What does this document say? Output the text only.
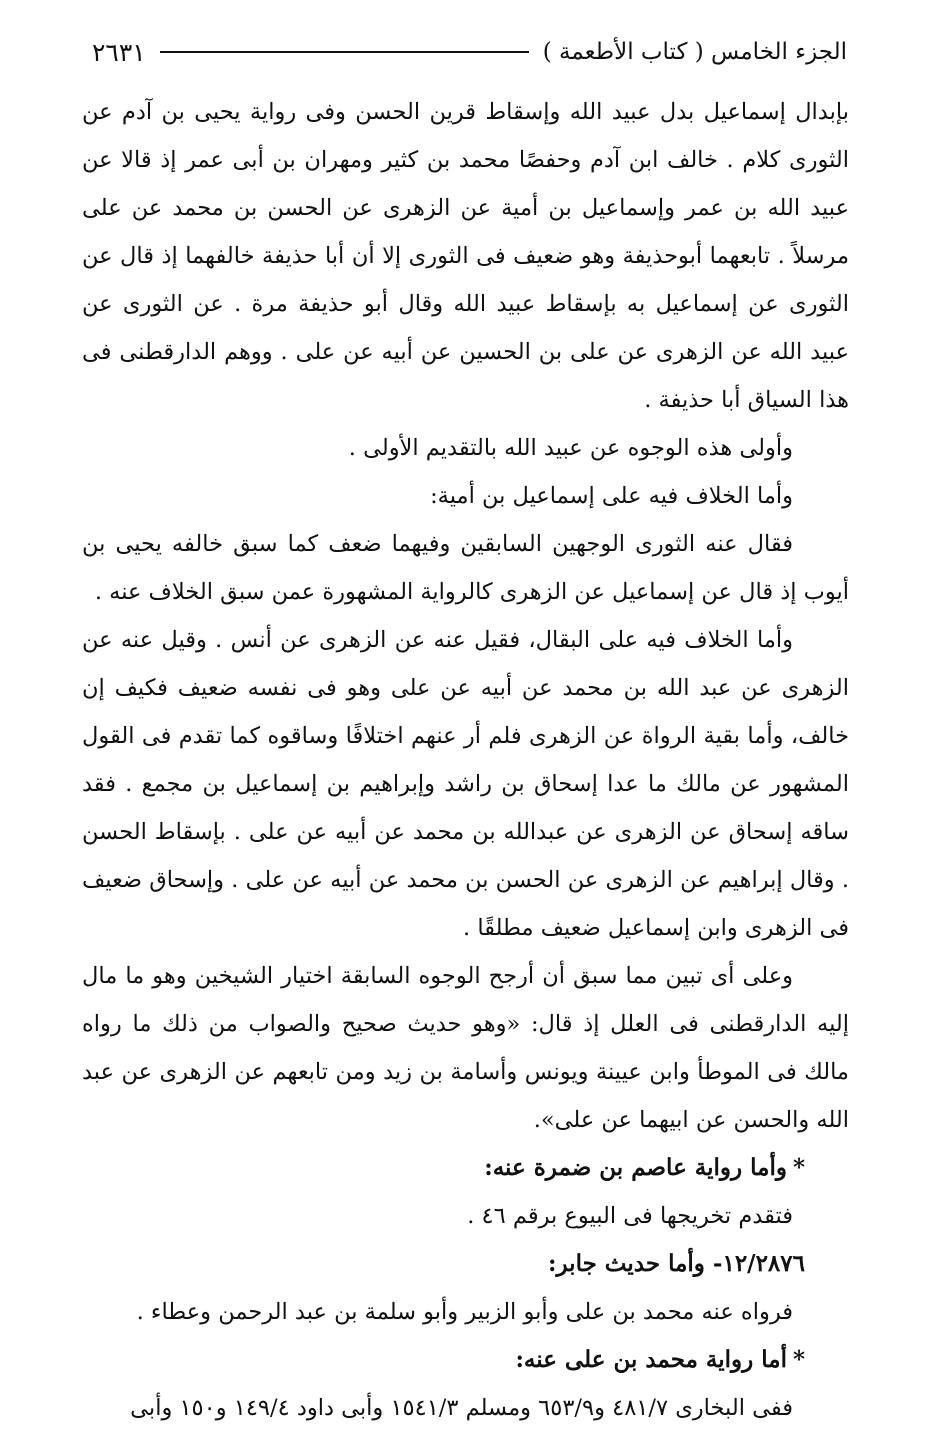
الجزء الخامس ( كتاب الأطعمة )
٢٦٣١

بإبدال إسماعيل بدل عبيد الله وإسقاط قرين الحسن وفى رواية يحيى بن آدم عن الثورى كلام . خالف ابن آدم وحفصًا محمد بن كثير ومهران بن أبى عمر إذ قالا عن عبيد الله بن عمر وإسماعيل بن أمية عن الزهرى عن الحسن بن محمد عن على مرسلاً . تابعهما أبوحذيفة وهو ضعيف فى الثورى إلا أن أبا حذيفة خالفهما إذ قال عن الثورى عن إسماعيل به بإسقاط عبيد الله وقال أبو حذيفة مرة . عن الثورى عن عبيد الله عن الزهرى عن على بن الحسين عن أبيه عن على . ووهم الدارقطنى فى هذا السياق أبا حذيفة .

وأولى هذه الوجوه عن عبيد الله بالتقديم الأولى .

وأما الخلاف فيه على إسماعيل بن أمية:

فقال عنه الثورى الوجهين السابقين وفيهما ضعف كما سبق خالفه يحيى بن أيوب إذ قال عن إسماعيل عن الزهرى كالرواية المشهورة عمن سبق الخلاف عنه .

وأما الخلاف فيه على البقال، فقيل عنه عن الزهرى عن أنس . وقيل عنه عن الزهرى عن عبد الله بن محمد عن أبيه عن على وهو فى نفسه ضعيف فكيف إن خالف، وأما بقية الرواة عن الزهرى فلم أر عنهم اختلافًا وساقوه كما تقدم فى القول المشهور عن مالك ما عدا إسحاق بن راشد وإبراهيم بن إسماعيل بن مجمع . فقد ساقه إسحاق عن الزهرى عن عبدالله بن محمد عن أبيه عن على . بإسقاط الحسن . وقال إبراهيم عن الزهرى عن الحسن بن محمد عن أبيه عن على . وإسحاق ضعيف فى الزهرى وابن إسماعيل ضعيف مطلقًا .

وعلى أى تبين مما سبق أن أرجح الوجوه السابقة اختيار الشيخين وهو ما مال إليه الدارقطنى فى العلل إذ قال: «وهو حديث صحيح والصواب من ذلك ما رواه مالك فى الموطأ وابن عيينة ويونس وأسامة بن زيد ومن تابعهم عن الزهرى عن عبد الله والحسن عن ابيهما عن على».

*وأما رواية عاصم بن ضمرة عنه:

فتقدم تخريجها فى البيوع برقم ٤٦ .

١٢/٢٨٧٦- وأما حديث جابر:

فرواه عنه محمد بن على وأبو الزبير وأبو سلمة بن عبد الرحمن وعطاء .

*أما رواية محمد بن على عنه:

ففى البخارى ٤٨١/٧ و٦٥٣/٩ ومسلم ١٥٤١/٣ وأبى داود ١٤٩/٤ و١٥٠ وأبى
